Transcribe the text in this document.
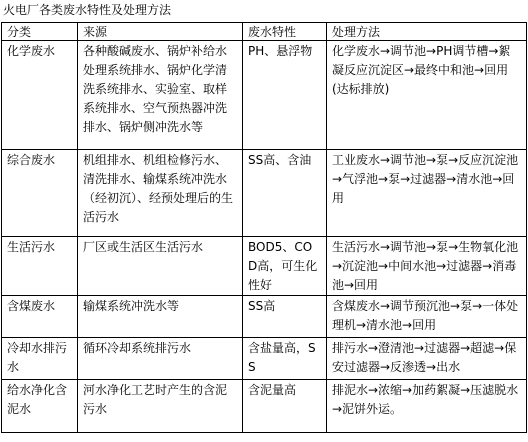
火电厂各类废水特性及处理方法
分类	来源	废水特性	处理方法
化学废水	各种酸碱废水、锅炉补给水处理系统排水、锅炉化学清洗系统排水、实验室、取样系统排水、空气预热器冲洗排水、锅炉侧冲洗水等	PH、悬浮物	化学废水→调节池→PH调节槽→絮凝反应沉淀区→最终中和池→回用(达标排放)
综合废水	机组排水、机组检修污水、清洗排水、输煤系统冲洗水（经初沉）、经预处理后的生活污水	SS高、含油	工业废水→调节池→泵→反应沉淀池→气浮池→泵→过滤器→清水池→回用
生活污水	厂区或生活区生活污水	BOD5、COD高，可生化性好	生活污水→调节池→泵→生物氧化池→沉淀池→中间水池→过滤器→消毒池→回用
含煤废水	输煤系统冲洗水等	SS高	含煤废水→调节预沉池→泵→一体处理机→清水池→回用
冷却水排污水	循环冷却系统排污水	含盐量高，SS	排污水→澄清池→过滤器→超滤→保安过滤器→反渗透→出水
给水净化含泥水	河水净化工艺时产生的含泥污水	含泥量高	排泥水→浓缩→加药絮凝→压滤脱水→泥饼外运。
